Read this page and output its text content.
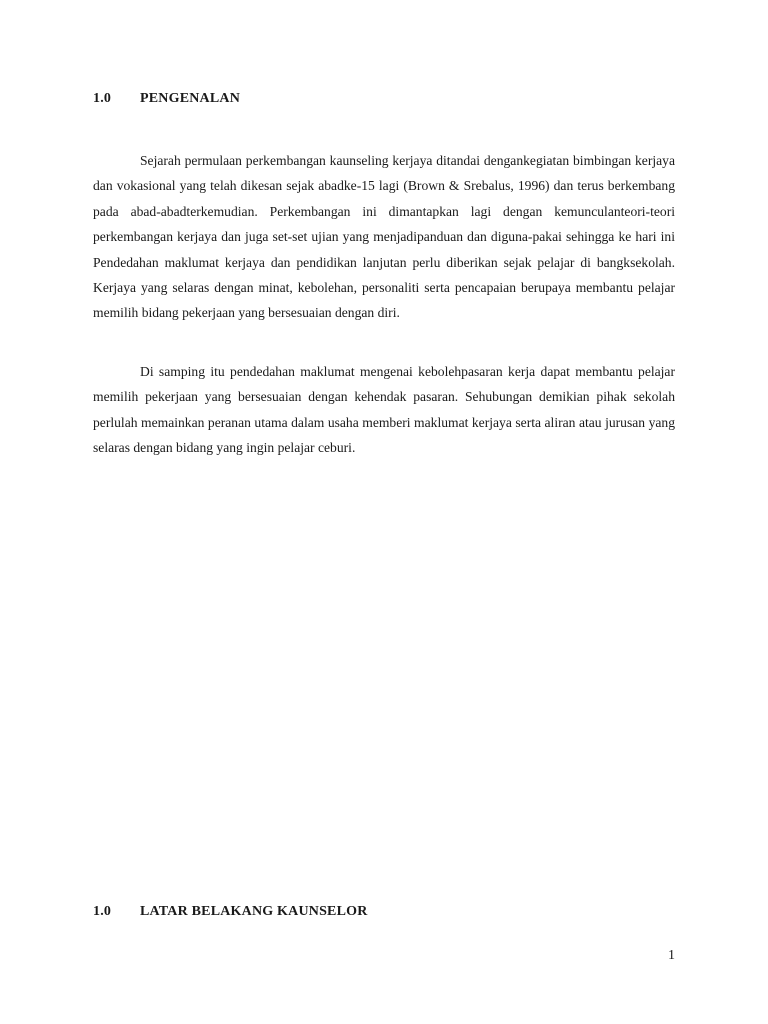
1.0	PENGENALAN

Sejarah permulaan perkembangan kaunseling kerjaya ditandai dengankegiatan bimbingan kerjaya dan vokasional yang telah dikesan sejak abadke-15 lagi (Brown & Srebalus, 1996) dan terus berkembang pada abad-abadterkemudian. Perkembangan ini dimantapkan lagi dengan kemunculanteori-teori perkembangan kerjaya dan juga set-set ujian yang menjadipanduan dan diguna-pakai sehingga ke hari ini Pendedahan maklumat kerjaya dan pendidikan lanjutan perlu diberikan sejak pelajar di bangksekolah. Kerjaya yang selaras dengan minat, kebolehan, personaliti serta pencapaian berupaya membantu pelajar memilih bidang pekerjaan yang bersesuaian dengan diri.

Di samping itu pendedahan maklumat mengenai kebolehpasaran kerja dapat membantu pelajar memilih pekerjaan yang bersesuaian dengan kehendak pasaran. Sehubungan demikian pihak sekolah perlulah memainkan peranan utama dalam usaha memberi maklumat kerjaya serta aliran atau jurusan yang selaras dengan bidang yang ingin pelajar ceburi.

1.0	LATAR BELAKANG KAUNSELOR
1
